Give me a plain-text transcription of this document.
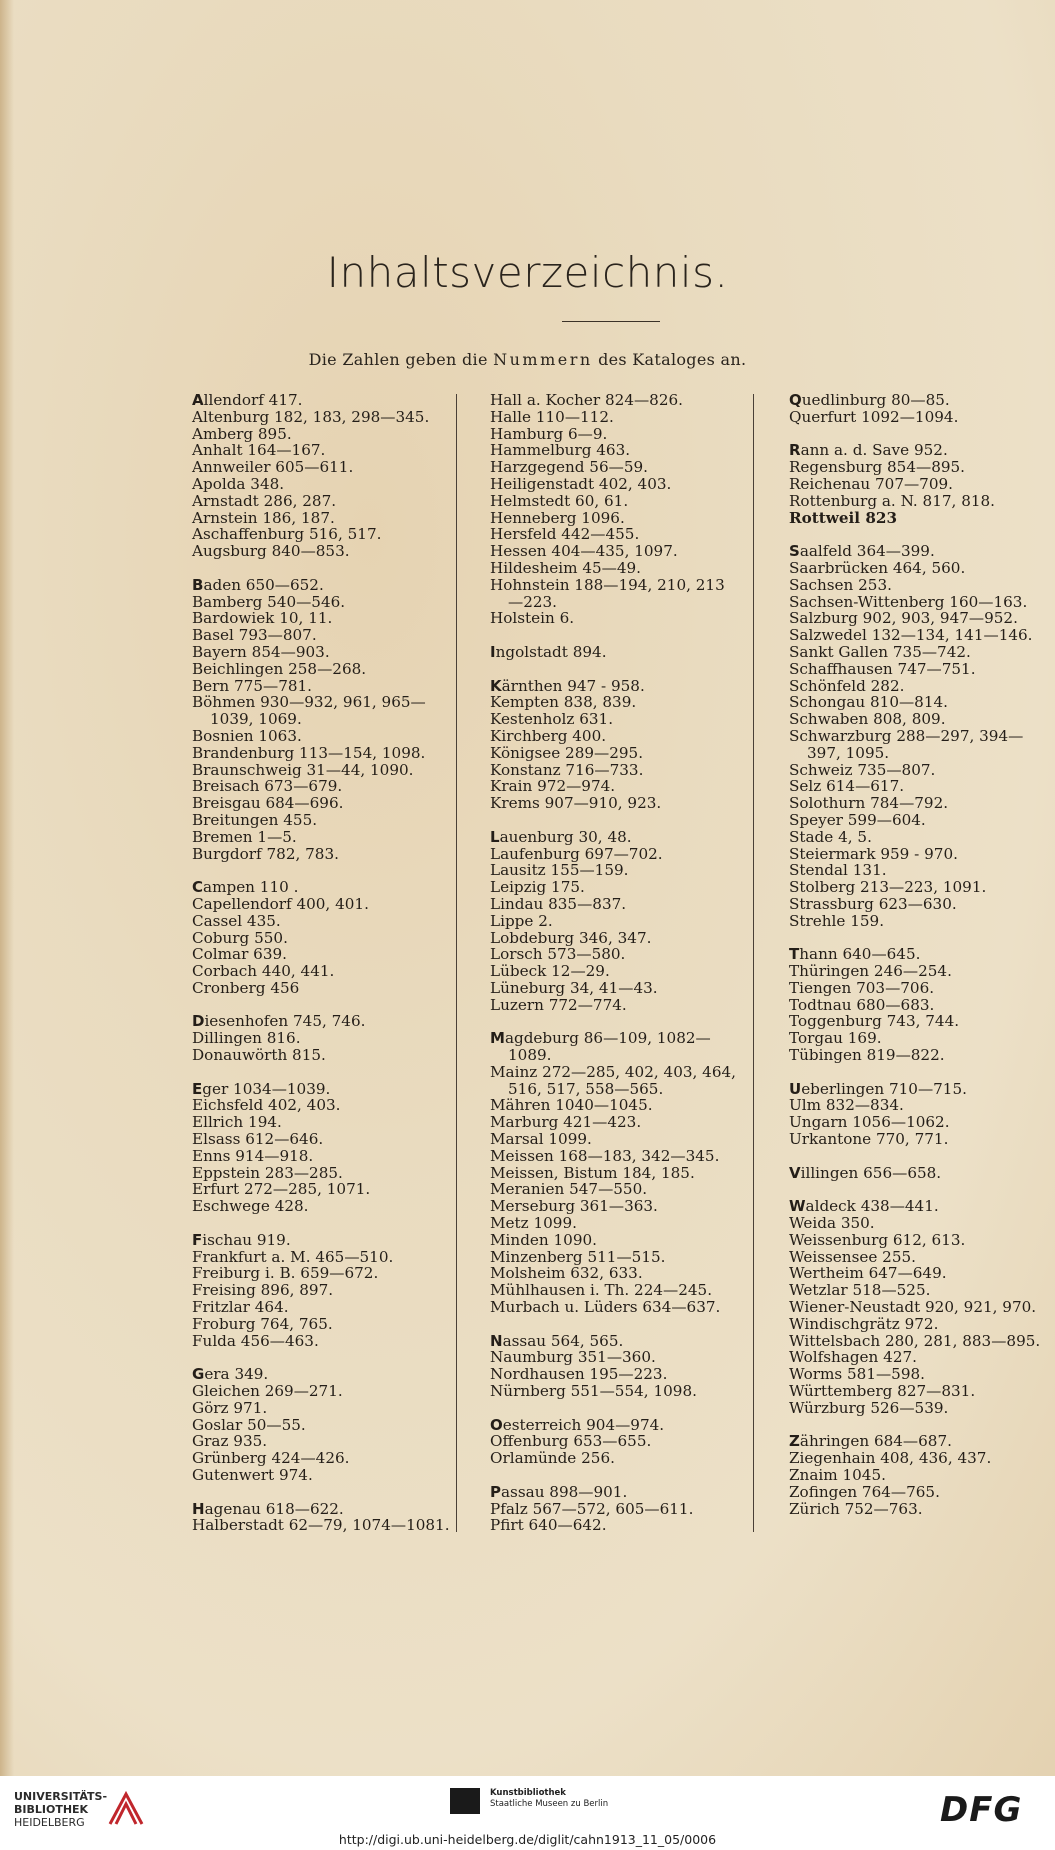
Inhaltsverzeichnis.
Die Zahlen geben die Nummern des Kataloges an.
Allendorf 417.
Altenburg 182, 183, 298—345.
Amberg 895.
Anhalt 164—167.
Annweiler 605—611.
Apolda 348.
Arnstadt 286, 287.
Arnstein 186, 187.
Aschaffenburg 516, 517.
Augsburg 840—853.
Baden 650—652.
Bamberg 540—546.
Bardowiek 10, 11.
Basel 793—807.
Bayern 854—903.
Beichlingen 258—268.
Bern 775—781.
Böhmen 930—932, 961, 965—
1039, 1069.
Bosnien 1063.
Brandenburg 113—154, 1098.
Braunschweig 31—44, 1090.
Breisach 673—679.
Breisgau 684—696.
Breitungen 455.
Bremen 1—5.
Burgdorf 782, 783.
Campen 110 .
Capellendorf 400, 401.
Cassel 435.
Coburg 550.
Colmar 639.
Corbach 440, 441.
Cronberg 456
Diesenhofen 745, 746.
Dillingen 816.
Donauwörth 815.
Eger 1034—1039.
Eichsfeld 402, 403.
Ellrich 194.
Elsass 612—646.
Enns 914—918.
Eppstein 283—285.
Erfurt 272—285, 1071.
Eschwege 428.
Fischau 919.
Frankfurt a. M. 465—510.
Freiburg i. B. 659—672.
Freising 896, 897.
Fritzlar 464.
Froburg 764, 765.
Fulda 456—463.
Gera 349.
Gleichen 269—271.
Görz 971.
Goslar 50—55.
Graz 935.
Grünberg 424—426.
Gutenwert 974.
Hagenau 618—622.
Halberstadt 62—79, 1074—1081.
Hall a. Kocher 824—826.
Halle 110—112.
Hamburg 6—9.
Hammelburg 463.
Harzgegend 56—59.
Heiligenstadt 402, 403.
Helmstedt 60, 61.
Henneberg 1096.
Hersfeld 442—455.
Hessen 404—435, 1097.
Hildesheim 45—49.
Hohnstein 188—194, 210, 213
—223.
Holstein 6.
Ingolstadt 894.
Kärnthen 947 - 958.
Kempten 838, 839.
Kestenholz 631.
Kirchberg 400.
Königsee 289—295.
Konstanz 716—733.
Krain 972—974.
Krems 907—910, 923.
Lauenburg 30, 48.
Laufenburg 697—702.
Lausitz 155—159.
Leipzig 175.
Lindau 835—837.
Lippe 2.
Lobdeburg 346, 347.
Lorsch 573—580.
Lübeck 12—29.
Lüneburg 34, 41—43.
Luzern 772—774.
Magdeburg 86—109, 1082—
1089.
Mainz 272—285, 402, 403, 464,
516, 517, 558—565.
Mähren 1040—1045.
Marburg 421—423.
Marsal 1099.
Meissen 168—183, 342—345.
Meissen, Bistum 184, 185.
Meranien 547—550.
Merseburg 361—363.
Metz 1099.
Minden 1090.
Minzenberg 511—515.
Molsheim 632, 633.
Mühlhausen i. Th. 224—245.
Murbach u. Lüders 634—637.
Nassau 564, 565.
Naumburg 351—360.
Nordhausen 195—223.
Nürnberg 551—554, 1098.
Oesterreich 904—974.
Offenburg 653—655.
Orlamünde 256.
Passau 898—901.
Pfalz 567—572, 605—611.
Pfirt 640—642.
Quedlinburg 80—85.
Querfurt 1092—1094.
Rann a. d. Save 952.
Regensburg 854—895.
Reichenau 707—709.
Rottenburg a. N. 817, 818.
Rottweil 823
Saalfeld 364—399.
Saarbrücken 464, 560.
Sachsen 253.
Sachsen-Wittenberg 160—163.
Salzburg 902, 903, 947—952.
Salzwedel 132—134, 141—146.
Sankt Gallen 735—742.
Schaffhausen 747—751.
Schönfeld 282.
Schongau 810—814.
Schwaben 808, 809.
Schwarzburg 288—297, 394—
397, 1095.
Schweiz 735—807.
Selz 614—617.
Solothurn 784—792.
Speyer 599—604.
Stade 4, 5.
Steiermark 959 - 970.
Stendal 131.
Stolberg 213—223, 1091.
Strassburg 623—630.
Strehle 159.
Thann 640—645.
Thüringen 246—254.
Tiengen 703—706.
Todtnau 680—683.
Toggenburg 743, 744.
Torgau 169.
Tübingen 819—822.
Ueberlingen 710—715.
Ulm 832—834.
Ungarn 1056—1062.
Urkantone 770, 771.
Villingen 656—658.
Waldeck 438—441.
Weida 350.
Weissenburg 612, 613.
Weissensee 255.
Wertheim 647—649.
Wetzlar 518—525.
Wiener-Neustadt 920, 921, 970.
Windischgrätz 972.
Wittelsbach 280, 281, 883—895.
Wolfshagen 427.
Worms 581—598.
Württemberg 827—831.
Würzburg 526—539.
Zähringen 684—687.
Ziegenhain 408, 436, 437.
Znaim 1045.
Zofingen 764—765.
Zürich 752—763.
UNIVERSITÄTS-
BIBLIOTHEK
HEIDELBERG
Kunstbibliothek
Staatliche Museen zu Berlin	DFG
http://digi.ub.uni-heidelberg.de/diglit/cahn1913_11_05/0006
